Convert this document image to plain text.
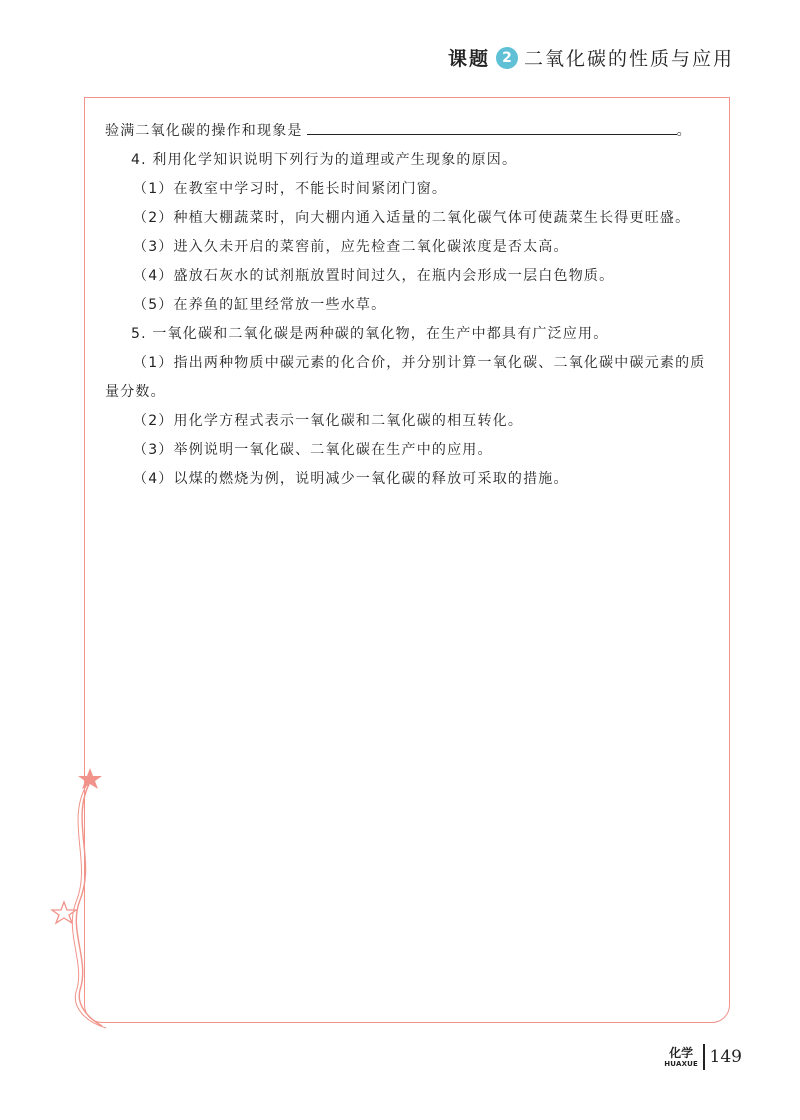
课题 2 二氧化碳的性质与应用

验满二氧化碳的操作和现象是	。

4. 利用化学知识说明下列行为的道理或产生现象的原因。

（1）在教室中学习时，不能长时间紧闭门窗。

（2）种植大棚蔬菜时，向大棚内通入适量的二氧化碳气体可使蔬菜生长得更旺盛。

（3）进入久未开启的菜窖前，应先检查二氧化碳浓度是否太高。

（4）盛放石灰水的试剂瓶放置时间过久，在瓶内会形成一层白色物质。

（5）在养鱼的缸里经常放一些水草。

5. 一氧化碳和二氧化碳是两种碳的氧化物，在生产中都具有广泛应用。

（1）指出两种物质中碳元素的化合价，并分别计算一氧化碳、二氧化碳中碳元素的质量分数。

（2）用化学方程式表示一氧化碳和二氧化碳的相互转化。

（3）举例说明一氧化碳、二氧化碳在生产中的应用。

（4）以煤的燃烧为例，说明减少一氧化碳的释放可采取的措施。

化学
HUAXUE 149
